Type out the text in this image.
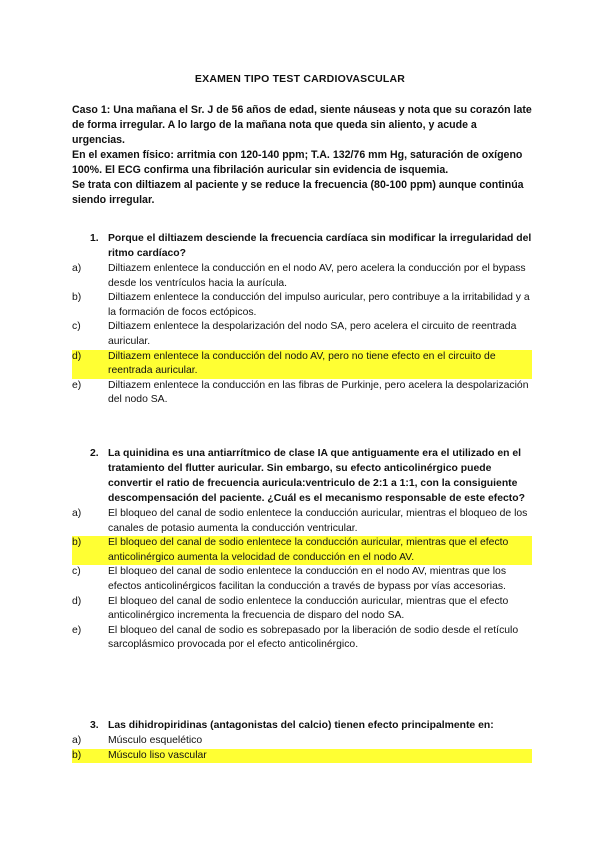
EXAMEN TIPO TEST CARDIOVASCULAR

Caso 1: Una mañana el Sr. J de 56 años de edad, siente náuseas y nota que su corazón late de forma irregular. A lo largo de la mañana nota que queda sin aliento, y acude a urgencias.

En el examen físico: arritmia con 120-140 ppm; T.A. 132/76 mm Hg, saturación de oxígeno 100%. El ECG confirma una fibrilación auricular sin evidencia de isquemia.

Se trata con diltiazem al paciente y se reduce la frecuencia (80-100 ppm) aunque continúa siendo irregular.

1. Porque el diltiazem desciende la frecuencia cardíaca sin modificar la irregularidad del ritmo cardíaco?
a)	Diltiazem enlentece la conducción en el nodo AV, pero acelera la conducción por el bypass desde los ventrículos hacia la aurícula.
b)	Diltiazem enlentece la conducción del impulso auricular, pero contribuye a la irritabilidad y a la formación de focos ectópicos.
c)	Diltiazem enlentece la despolarización del nodo SA, pero acelera el circuito de reentrada auricular.
d)	Diltiazem enlentece la conducción del nodo AV, pero no tiene efecto en el circuito de reentrada auricular.
e)	Diltiazem enlentece la conducción en las fibras de Purkinje, pero acelera la despolarización del nodo SA.
2. La quinidina es una antiarrítmico de clase IA que antiguamente era el utilizado en el tratamiento del flutter auricular. Sin embargo, su efecto anticolinérgico puede convertir el ratio de frecuencia auricula:ventriculo de 2:1 a 1:1, con la consiguiente descompensación del paciente. ¿Cuál es el mecanismo responsable de este efecto?
a)	El bloqueo del canal de sodio enlentece la conducción auricular, mientras el bloqueo de los canales de potasio aumenta la conducción ventricular.
b)	El bloqueo del canal de sodio enlentece la conducción auricular, mientras que el efecto anticolinérgico aumenta la velocidad de conducción en el nodo AV.
c)	El bloqueo del canal de sodio enlentece la conducción en el nodo AV, mientras que los efectos anticolinérgicos facilitan la conducción a través de bypass por vías accesorias.
d)	El bloqueo del canal de sodio enlentece la conducción auricular, mientras que el efecto anticolinérgico incrementa la frecuencia de disparo del nodo SA.
e)	El bloqueo del canal de sodio es sobrepasado por la liberación de sodio desde el retículo sarcoplásmico provocada por el efecto anticolinérgico.
3. Las dihidropiridinas (antagonistas del calcio) tienen efecto principalmente en:
a)	Músculo esquelético
b)	Músculo liso vascular
